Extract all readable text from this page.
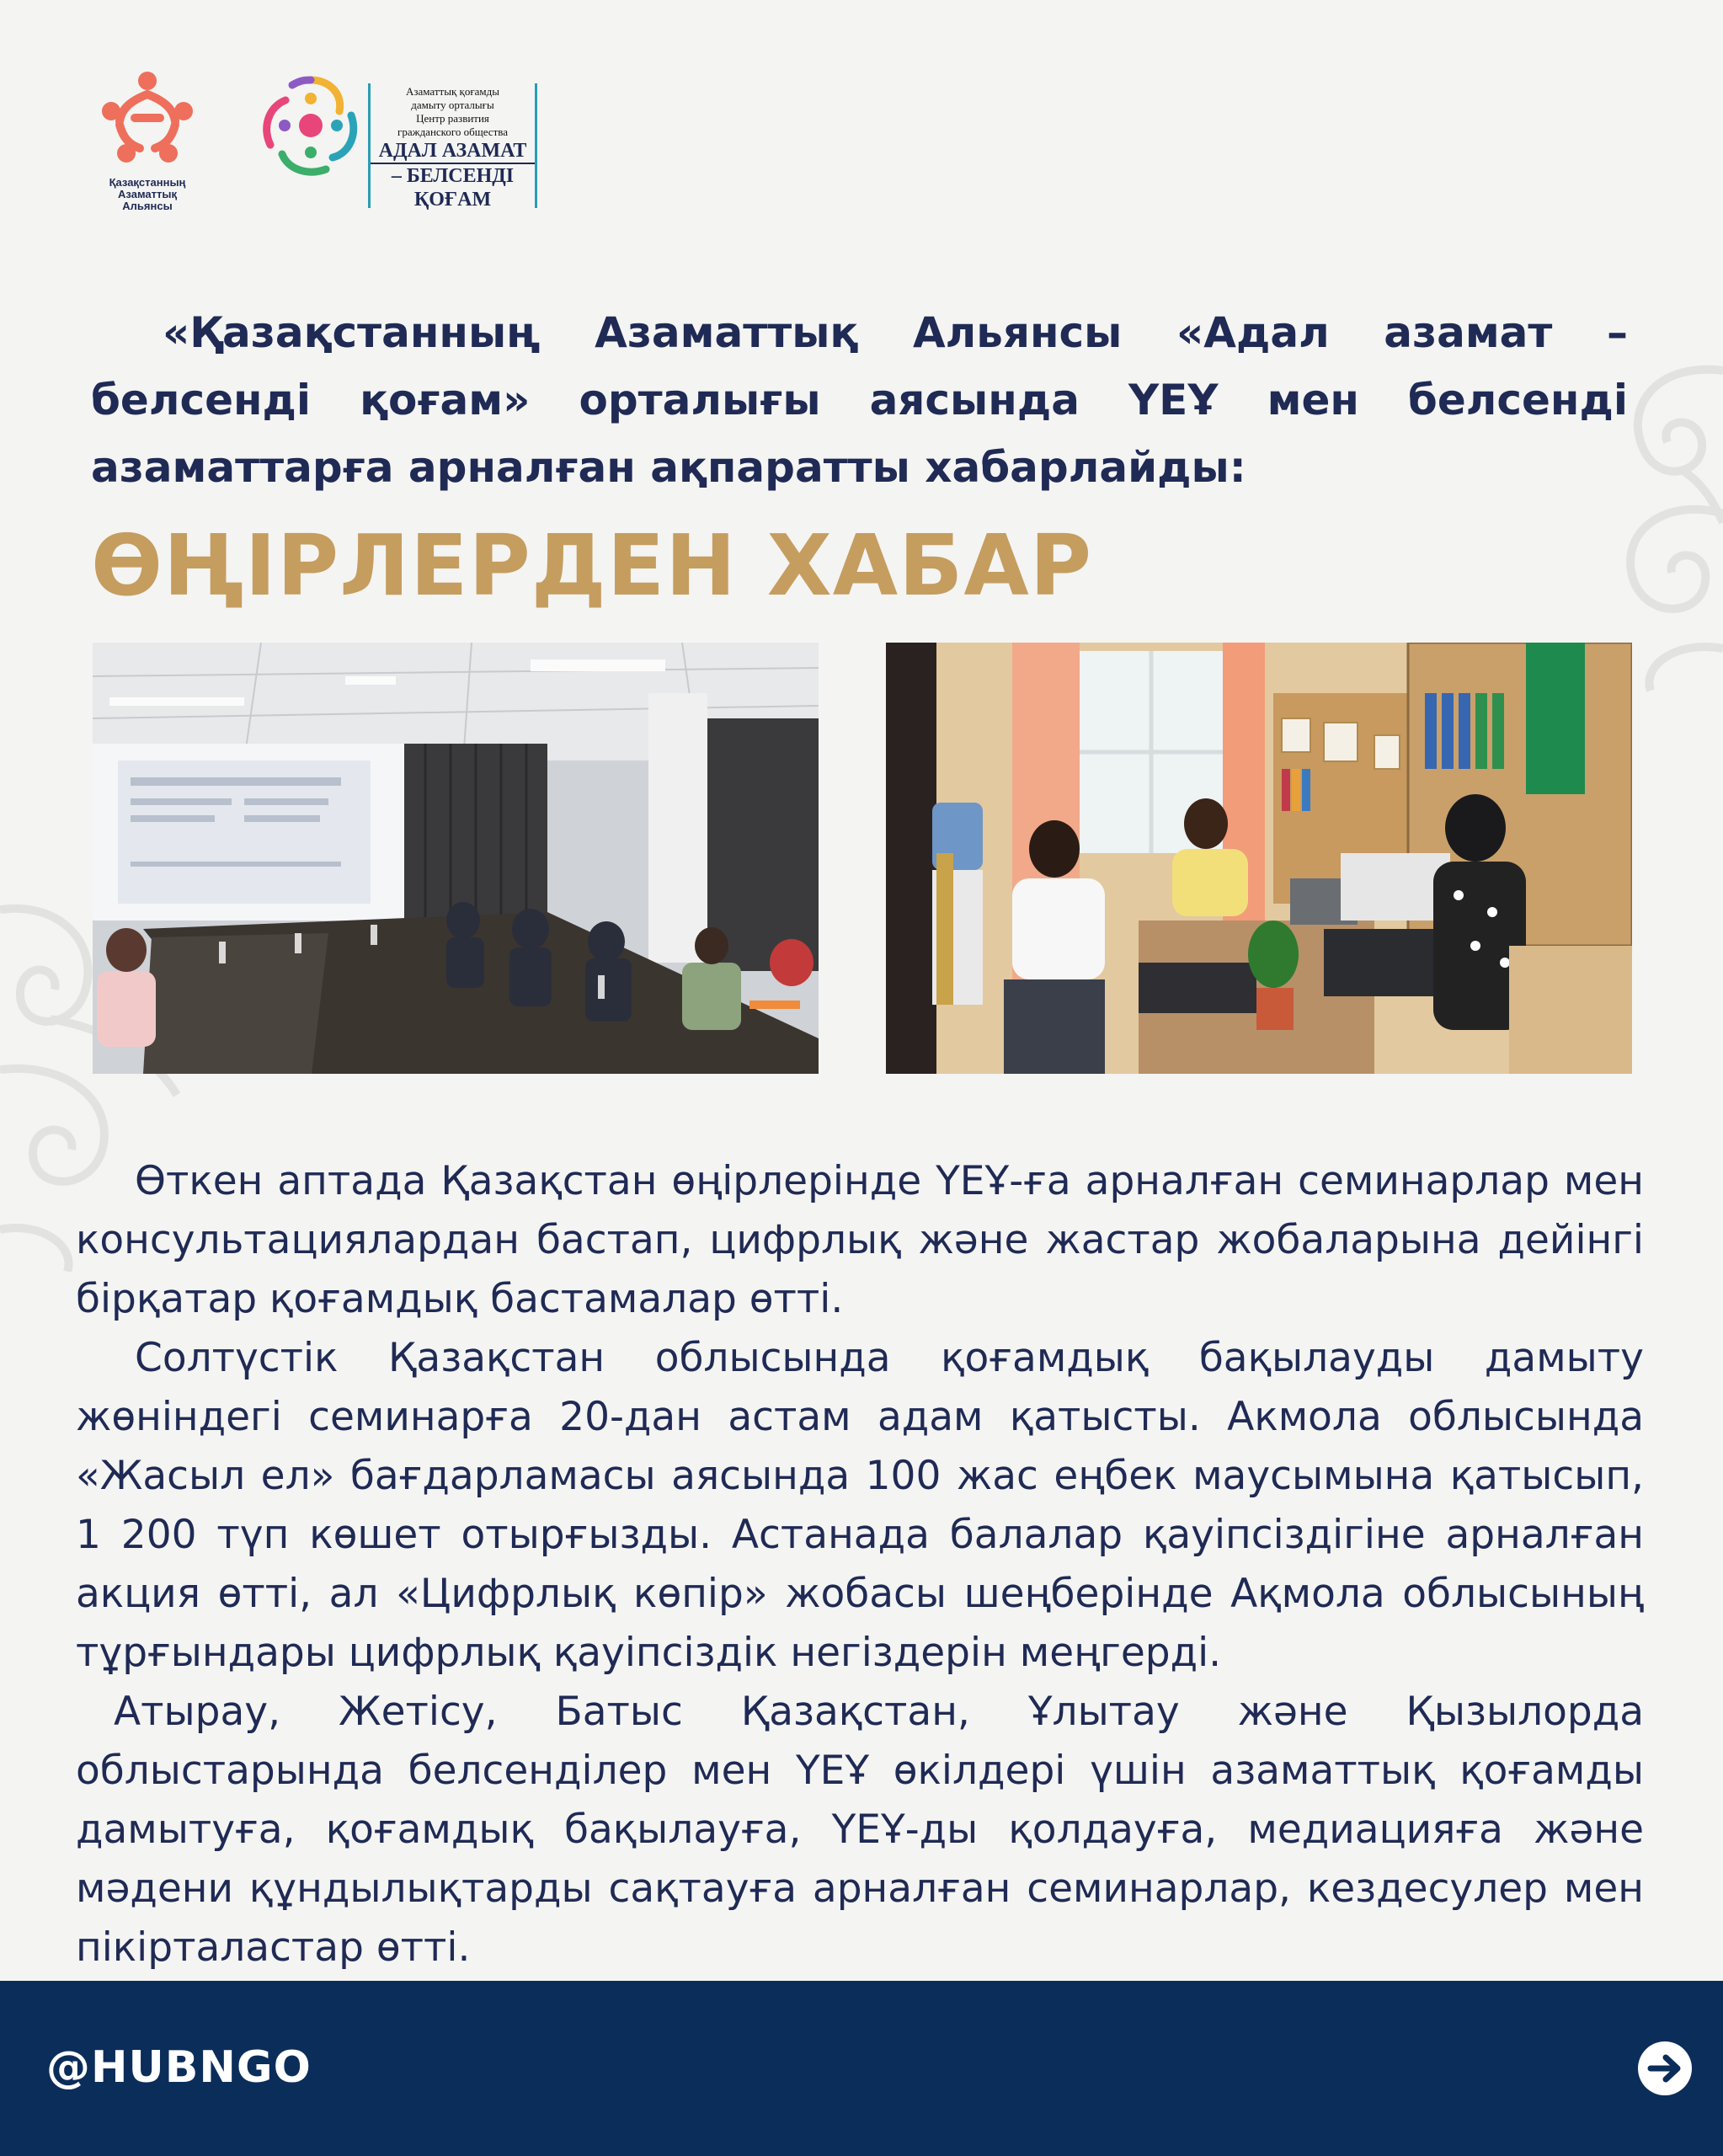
Қазақстанның
Азаматтық
Альянсы
Азаматтық қоғамды
дамыту орталығы
Центр развития
гражданского общества
АДАЛ АЗАМАТ
– БЕЛСЕНДІ ҚОҒАМ

«Қазақстанның Азаматтық Альянсы «Адал азамат – белсенді қоғам» орталығы аясында ҮЕҰ мен белсенді азаматтарға арналған ақпаратты хабарлайды:

ӨҢІРЛЕРДЕН ХАБАР

Өткен аптада Қазақстан өңірлерінде ҮЕҰ-ға арналған семинарлар мен консультациялардан бастап, цифрлық және жастар жобаларына дейінгі бірқатар қоғамдық бастамалар өтті.

Солтүстік Қазақстан облысында қоғамдық бақылауды дамыту жөніндегі семинарға 20-дан астам адам қатысты. Акмола облысында «Жасыл ел» бағдарламасы аясында 100 жас еңбек маусымына қатысып, 1 200 түп көшет отырғызды. Астанада балалар қауіпсіздігіне арналған акция өтті, ал «Цифрлық көпір» жобасы шеңберінде Ақмола облысының тұрғындары цифрлық қауіпсіздік негіздерін меңгерді.

Атырау, Жетісу, Батыс Қазақстан, Ұлытау және Қызылорда облыстарында белсенділер мен ҮЕҰ өкілдері үшін азаматтық қоғамды дамытуға, қоғамдық бақылауға, ҮЕҰ-ды қолдауға, медиацияға және мәдени құндылықтарды сақтауға арналған семинарлар, кездесулер мен пікірталастар өтті.

@HUBNGO
